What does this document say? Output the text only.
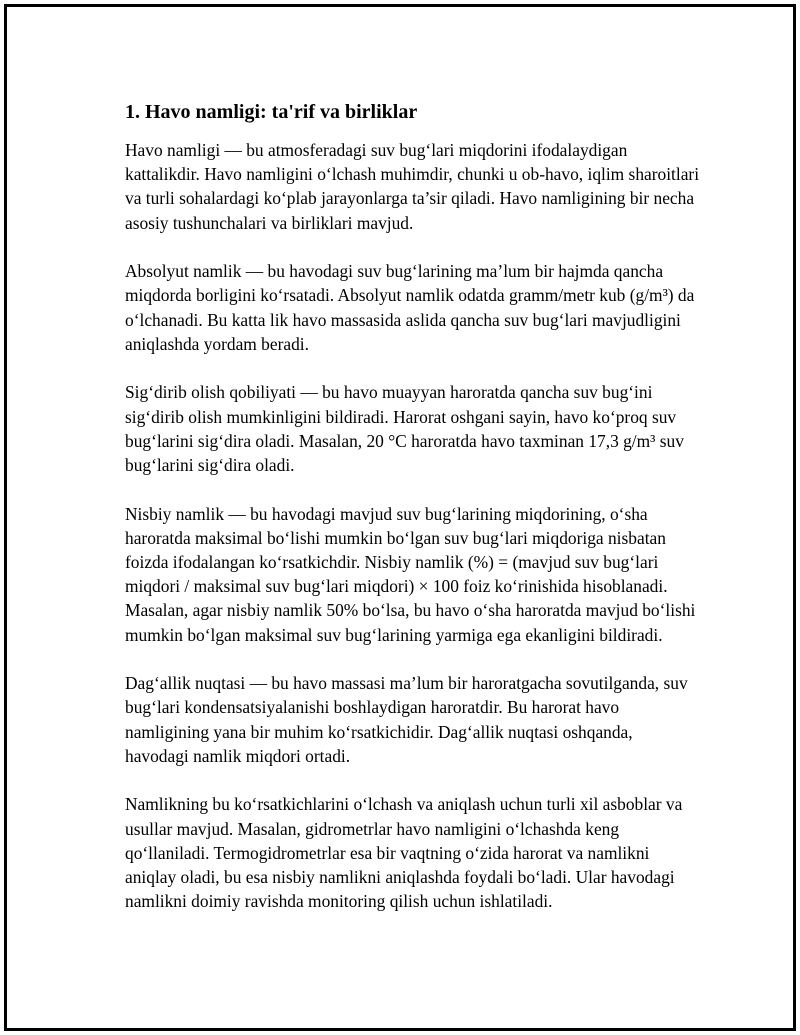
1. Havo namligi: ta'rif va birliklar

Havo namligi — bu atmosferadagi suv bug‘lari miqdorini ifodalaydigan kattalikdir. Havo namligini o‘lchash muhimdir, chunki u ob-havo, iqlim sharoitlari va turli sohalardagi ko‘plab jarayonlarga ta’sir qiladi. Havo namligining bir necha asosiy tushunchalari va birliklari mavjud.

Absolyut namlik — bu havodagi suv bug‘larining ma’lum bir hajmda qancha miqdorda borligini ko‘rsatadi. Absolyut namlik odatda gramm/metr kub (g/m³) da o‘lchanadi. Bu katta lik havo massasida aslida qancha suv bug‘lari mavjudligini aniqlashda yordam beradi.

Sig‘dirib olish qobiliyati — bu havo muayyan haroratda qancha suv bug‘ini sig‘dirib olish mumkinligini bildiradi. Harorat oshgani sayin, havo ko‘proq suv bug‘larini sig‘dira oladi. Masalan, 20 °C haroratda havo taxminan 17,3 g/m³ suv bug‘larini sig‘dira oladi.

Nisbiy namlik — bu havodagi mavjud suv bug‘larining miqdorining, o‘sha haroratda maksimal bo‘lishi mumkin bo‘lgan suv bug‘lari miqdoriga nisbatan foizda ifodalangan ko‘rsatkichdir. Nisbiy namlik (%) = (mavjud suv bug‘lari miqdori / maksimal suv bug‘lari miqdori) × 100 foiz ko‘rinishida hisoblanadi. Masalan, agar nisbiy namlik 50% bo‘lsa, bu havo o‘sha haroratda mavjud bo‘lishi mumkin bo‘lgan maksimal suv bug‘larining yarmiga ega ekanligini bildiradi.

Dag‘allik nuqtasi — bu havo massasi ma’lum bir haroratgacha sovutilganda, suv bug‘lari kondensatsiyalanishi boshlaydigan haroratdir. Bu harorat havo namligining yana bir muhim ko‘rsatkichidir. Dag‘allik nuqtasi oshqanda, havodagi namlik miqdori ortadi.

Namlikning bu ko‘rsatkichlarini o‘lchash va aniqlash uchun turli xil asboblar va usullar mavjud. Masalan, gidrometrlar havo namligini o‘lchashda keng qo‘llaniladi. Termogidrometrlar esa bir vaqtning o‘zida harorat va namlikni aniqlay oladi, bu esa nisbiy namlikni aniqlashda foydali bo‘ladi. Ular havodagi namlikni doimiy ravishda monitoring qilish uchun ishlatiladi.
